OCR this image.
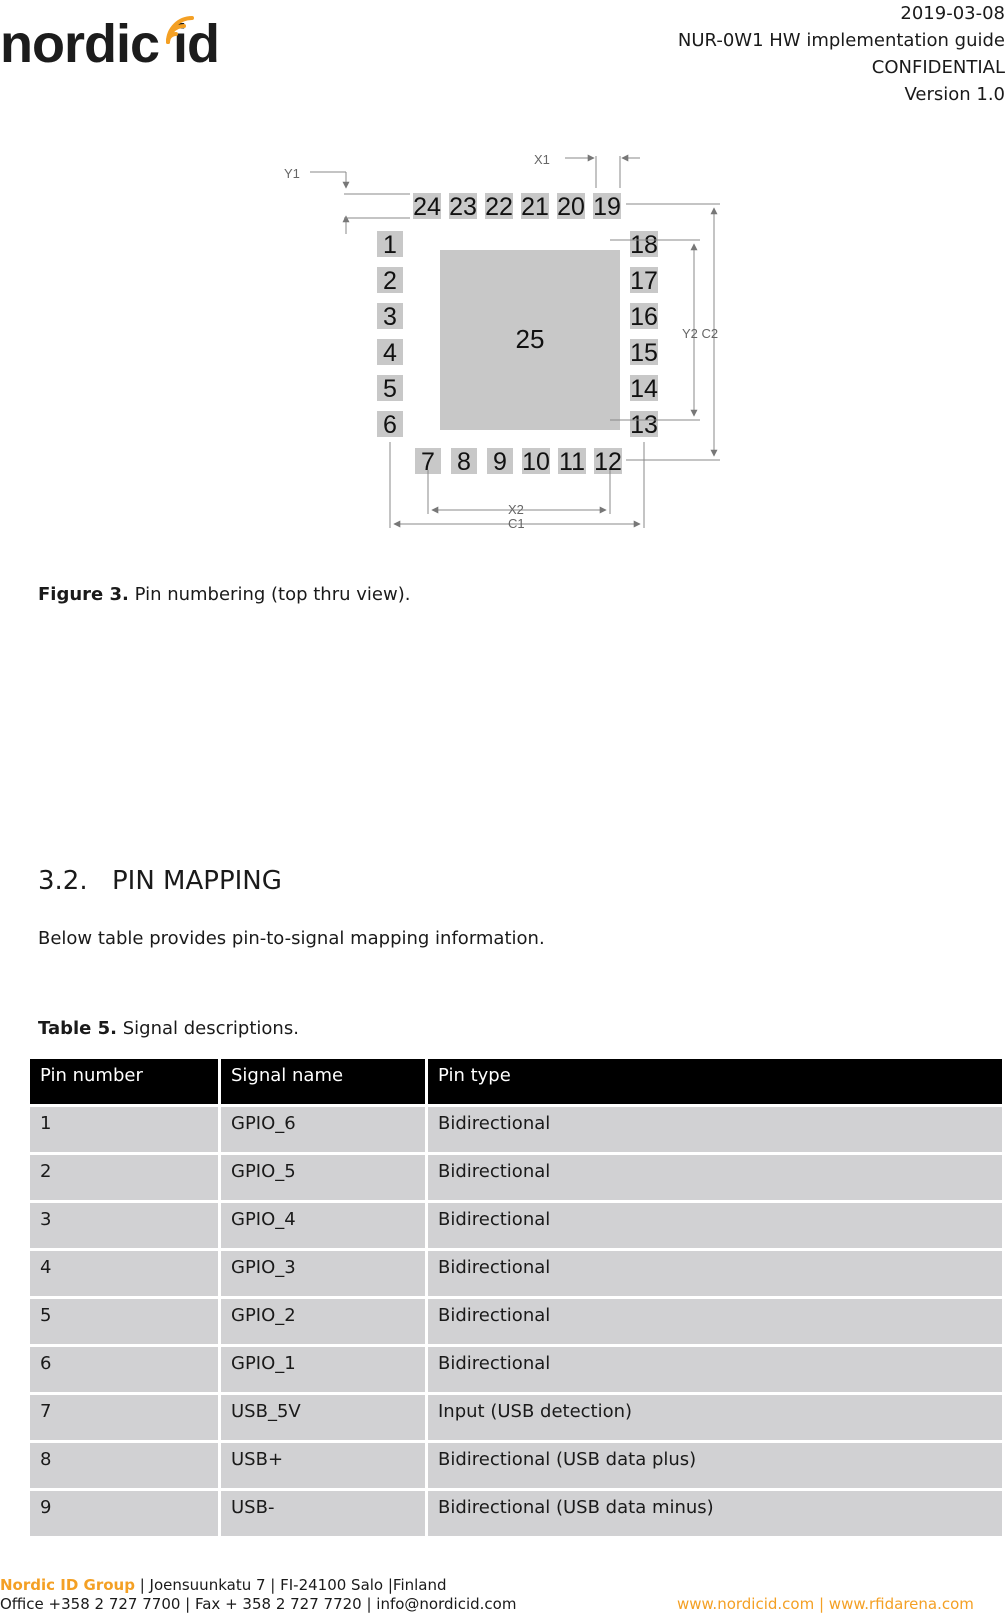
nordic id
2019-03-08
NUR-0W1 HW implementation guide
CONFIDENTIAL
Version 1.0
25
24 23 22 21 20 19
1
2
3
4
5
6
18
17
16
15
14
13
7 8 9 10 11 12
Y1
X1
Y2 C2
X2
C1
Figure 3. Pin numbering (top thru view).
3.2. PIN MAPPING
Below table provides pin-to-signal mapping information.
Table 5. Signal descriptions.
Pin number	Signal name	Pin type
1	GPIO_6	Bidirectional
2	GPIO_5	Bidirectional
3	GPIO_4	Bidirectional
4	GPIO_3	Bidirectional
5	GPIO_2	Bidirectional
6	GPIO_1	Bidirectional
7	USB_5V	Input (USB detection)
8	USB+	Bidirectional (USB data plus)
9	USB-	Bidirectional (USB data minus)
Nordic ID Group | Joensuunkatu 7 | FI-24100 Salo |Finland
Office +358 2 727 7700 | Fax + 358 2 727 7720 | info@nordicid.com	www.nordicid.com | www.rfidarena.com
